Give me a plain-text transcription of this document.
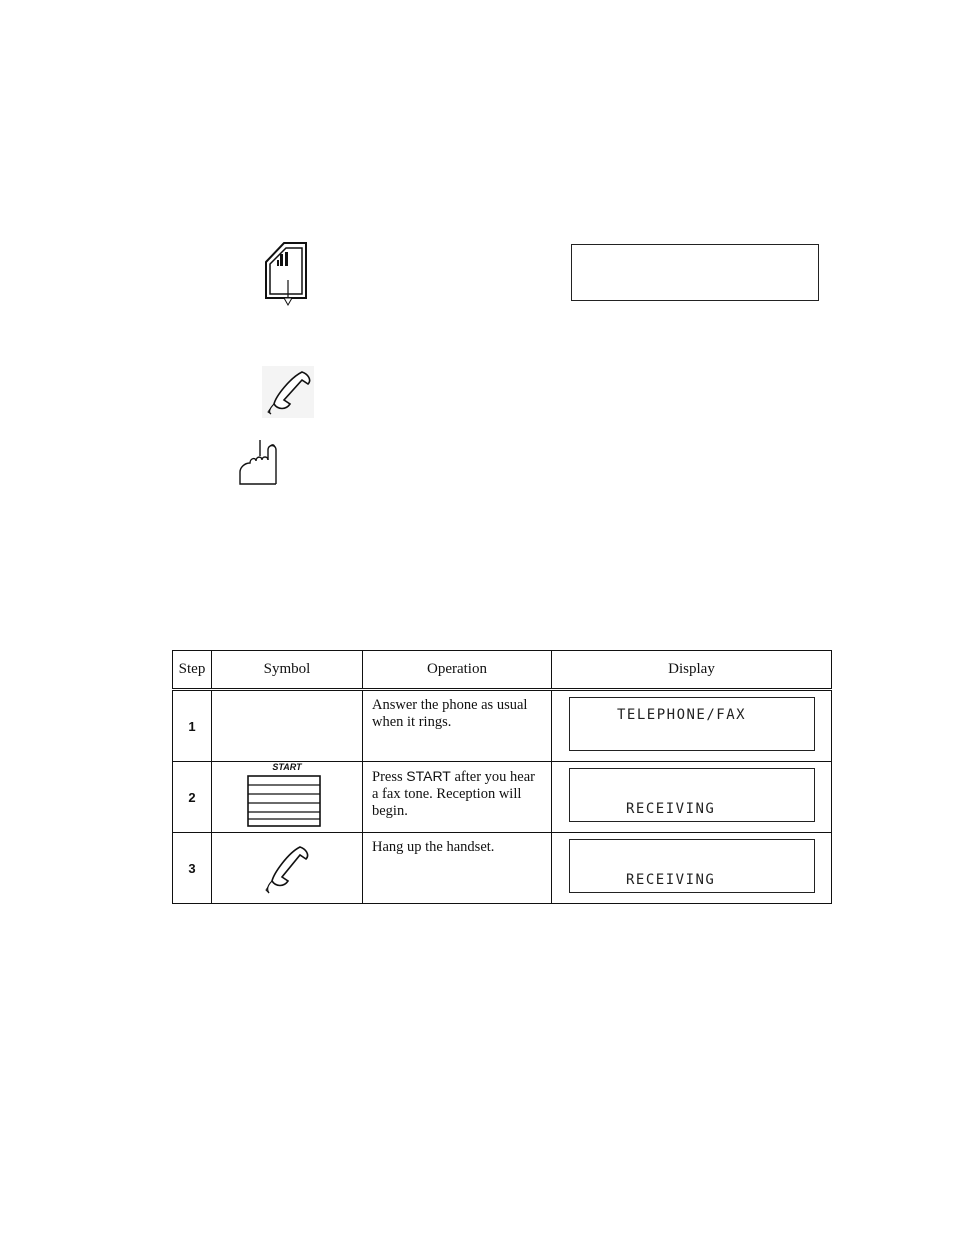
Step	Symbol	Operation	Display
1		Answer the phone as usual when it rings.	TELEPHONE/FAX

2	START	Press START after you hear a fax tone. Reception will begin.	RECEIVING

3		Hang up the handset.	RECEIVING
